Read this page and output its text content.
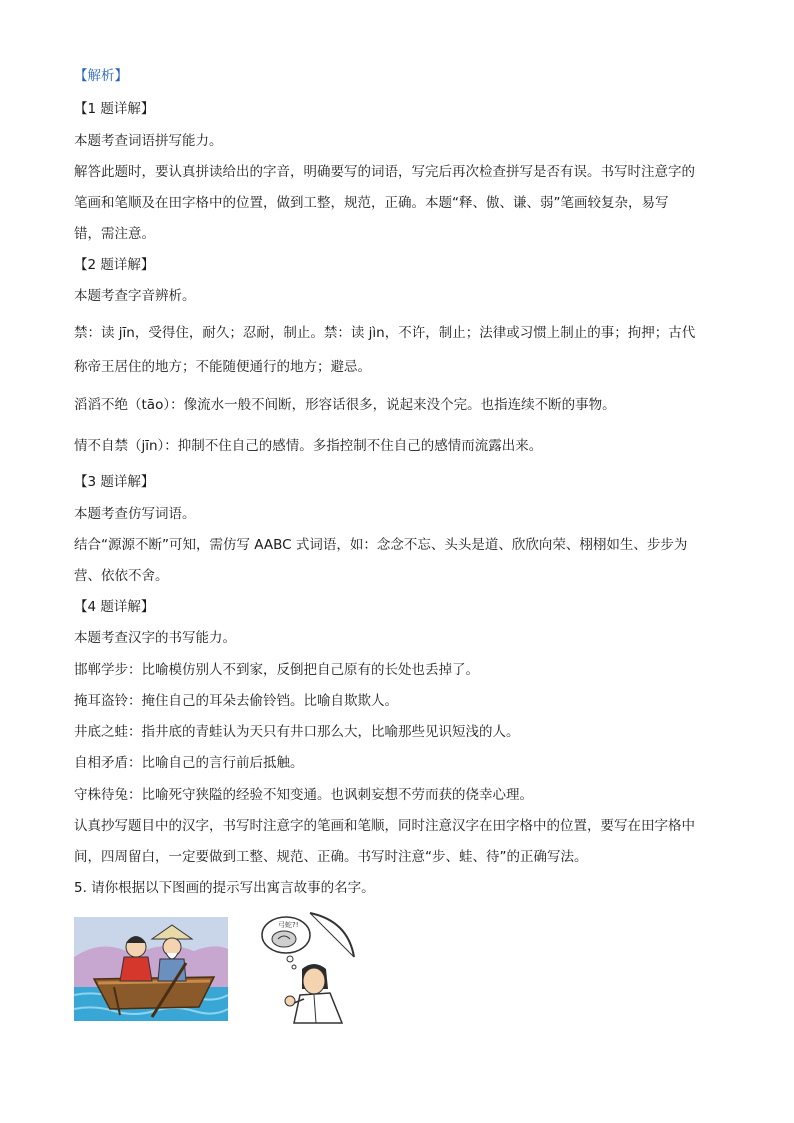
【解析】
【1 题详解】
本题考查词语拼写能力。
解答此题时，要认真拼读给出的字音，明确要写的词语，写完后再次检查拼写是否有误。书写时注意字的
笔画和笔顺及在田字格中的位置，做到工整，规范，正确。本题“释、傲、谦、弱”笔画较复杂，易写
错，需注意。
【2 题详解】
本题考查字音辨析。
禁：读 jīn，受得住，耐久；忍耐，制止。禁：读 jìn，不许，制止；法律或习惯上制止的事；拘押；古代
称帝王居住的地方；不能随便通行的地方；避忌。
滔滔不绝（tāo）：像流水一般不间断，形容话很多，说起来没个完。也指连续不断的事物。
情不自禁（jīn）：抑制不住自己的感情。多指控制不住自己的感情而流露出来。
【3 题详解】
本题考查仿写词语。
结合“源源不断”可知，需仿写 AABC 式词语，如：念念不忘、头头是道、欣欣向荣、栩栩如生、步步为
营、依依不舍。
【4 题详解】
本题考查汉字的书写能力。
邯郸学步：比喻模仿别人不到家，反倒把自己原有的长处也丢掉了。
掩耳盗铃：掩住自己的耳朵去偷铃铛。比喻自欺欺人。
井底之蛙：指井底的青蛙认为天只有井口那么大，比喻那些见识短浅的人。
自相矛盾：比喻自己的言行前后抵触。
守株待兔：比喻死守狭隘的经验不知变通。也讽刺妄想不劳而获的侥幸心理。
认真抄写题目中的汉字，书写时注意字的笔画和笔顺，同时注意汉字在田字格中的位置，要写在田字格中
间，四周留白，一定要做到工整、规范、正确。书写时注意“步、蛙、待”的正确写法。
5. 请你根据以下图画的提示写出寓言故事的名字。
弓蛇?!
